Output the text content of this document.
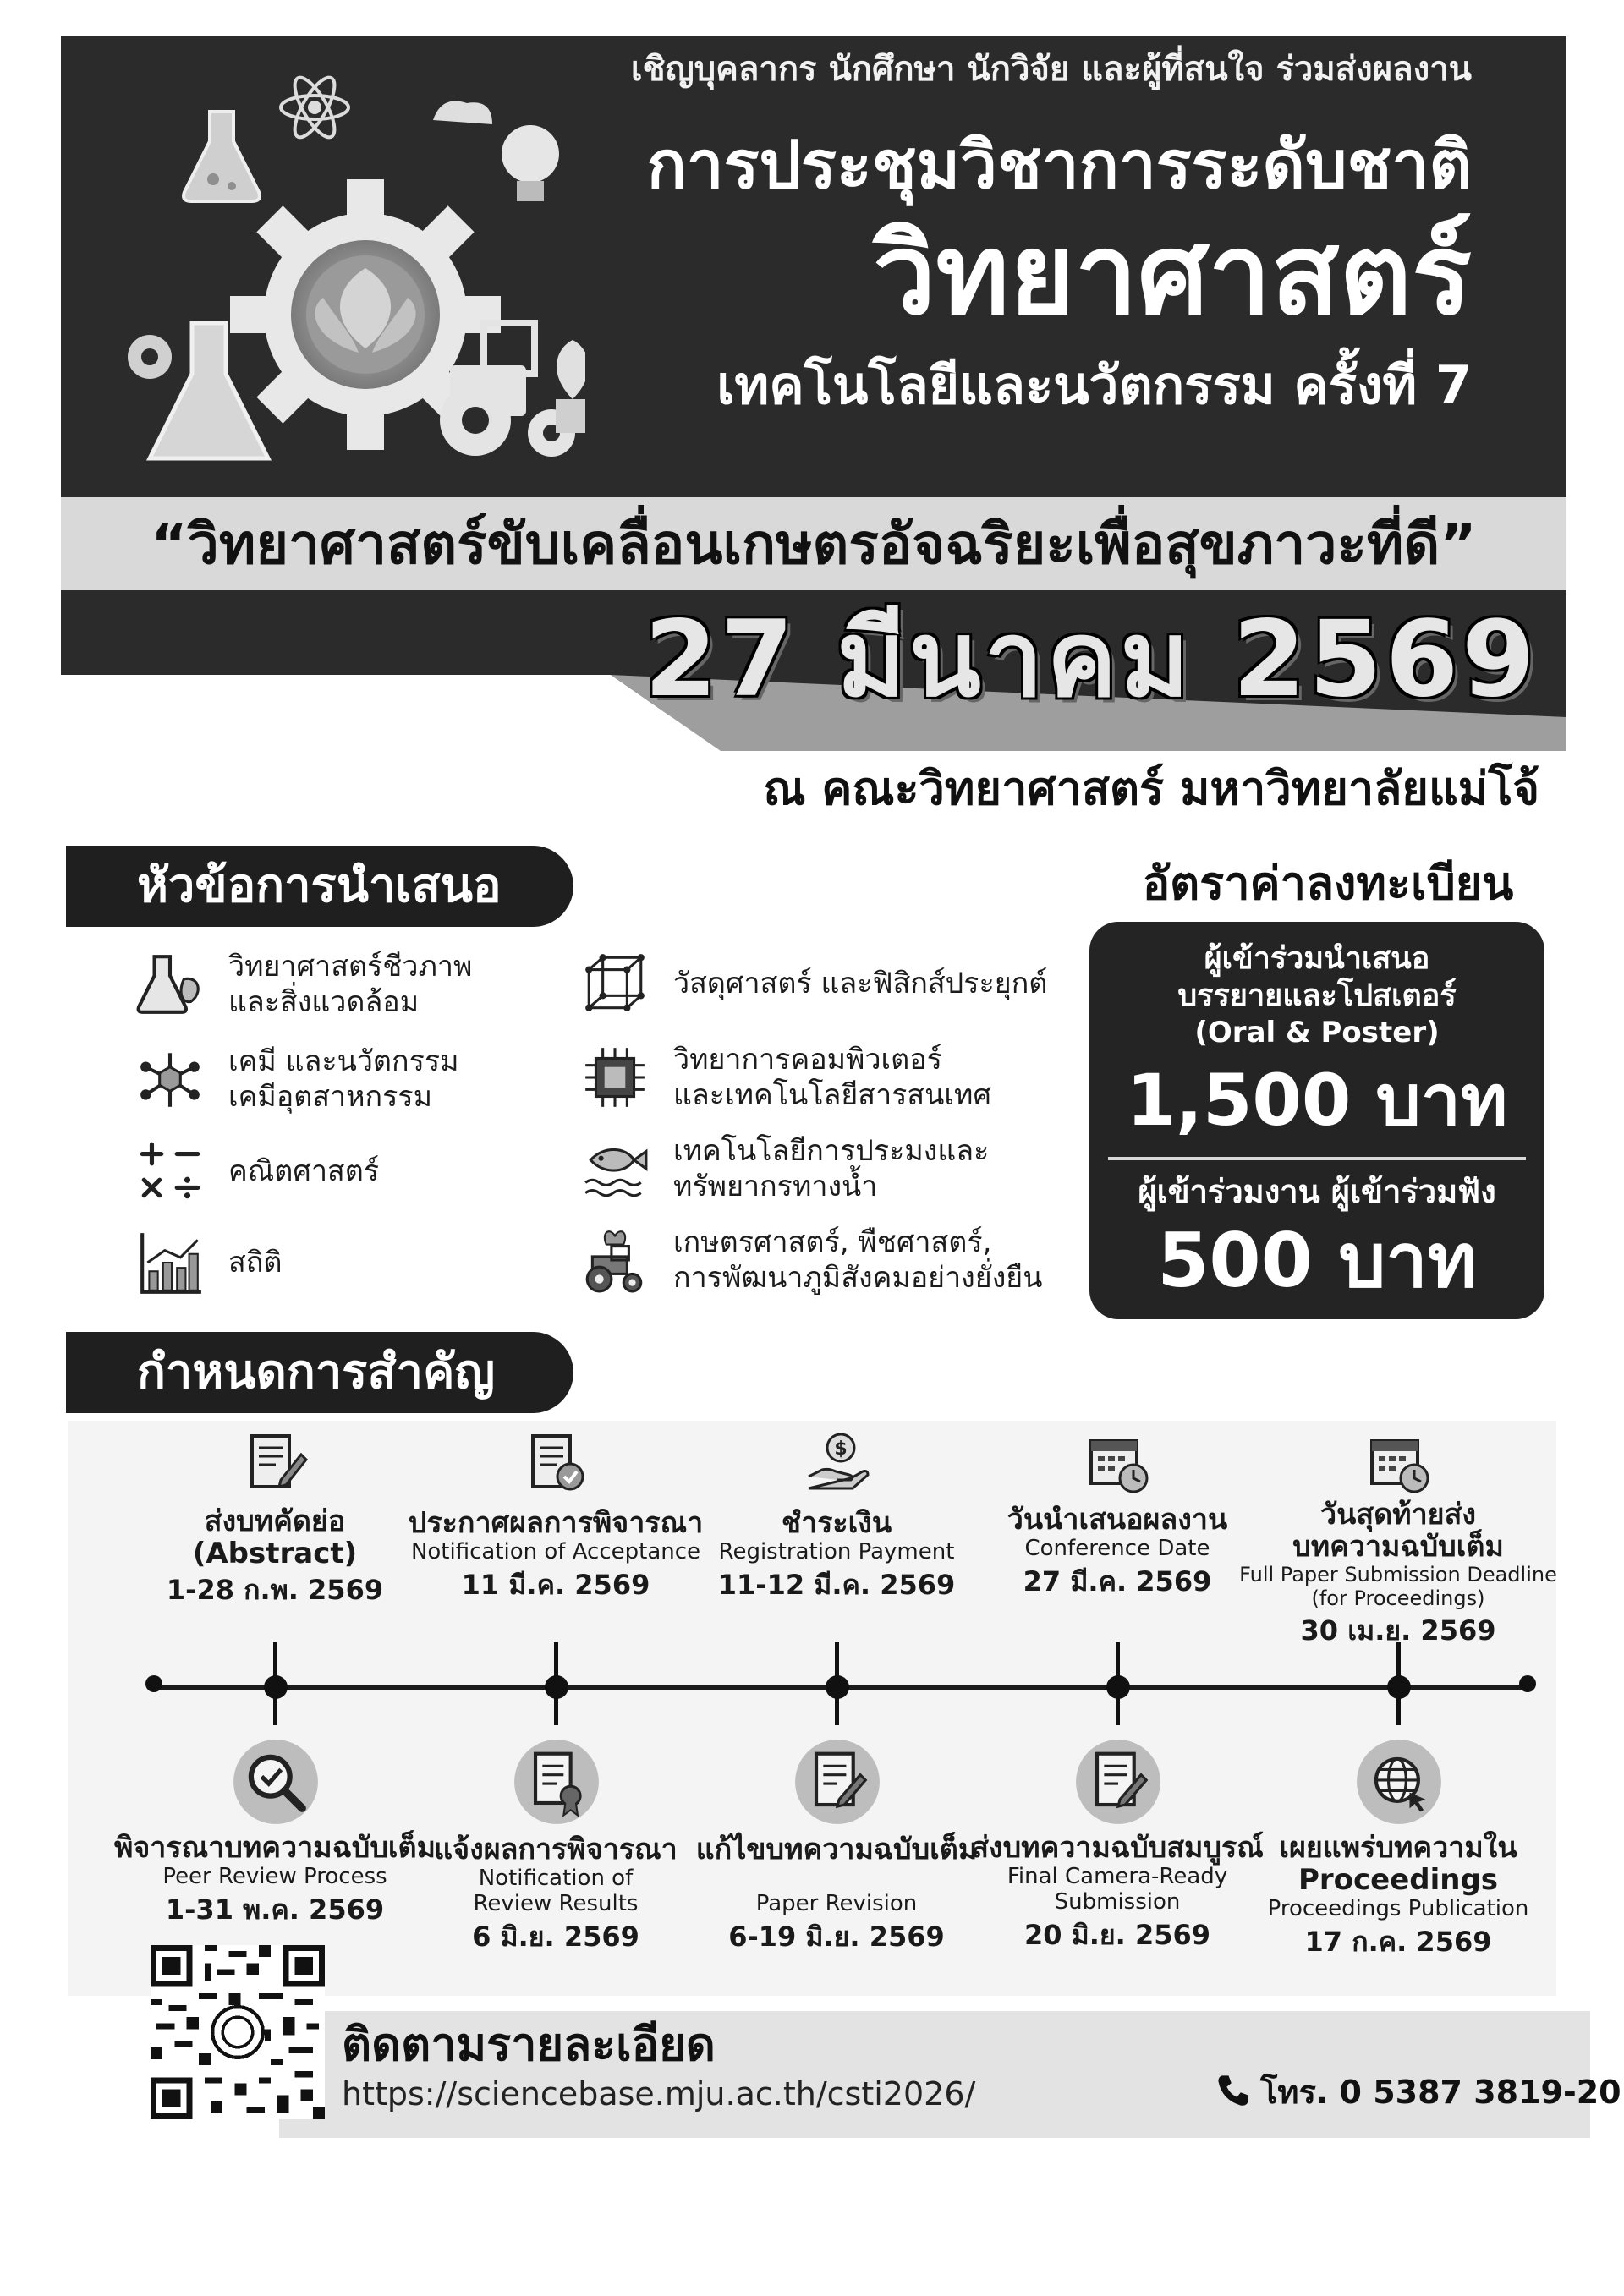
เชิญบุคลากร นักศึกษา นักวิจัย และผู้ที่สนใจ ร่วมส่งผลงาน
การประชุมวิชาการระดับชาติ
วิทยาศาสตร์
เทคโนโลยีและนวัตกรรม ครั้งที่ 7
“วิทยาศาสตร์ขับเคลื่อนเกษตรอัจฉริยะเพื่อสุขภาวะที่ดี”
27 มีนาคม 2569
ณ คณะวิทยาศาสตร์ มหาวิทยาลัยแม่โจ้
หัวข้อการนำเสนอ
วิทยาศาสตร์ชีวภาพ
และสิ่งแวดล้อม
เคมี และนวัตกรรม
เคมีอุตสาหกรรม
คณิตศาสตร์
สถิติ
วัสดุศาสตร์ และฟิสิกส์ประยุกต์
วิทยาการคอมพิวเตอร์
และเทคโนโลยีสารสนเทศ
เทคโนโลยีการประมงและ
ทรัพยากรทางน้ำ
เกษตรศาสตร์, พืชศาสตร์,
การพัฒนาภูมิสังคมอย่างยั่งยืน
อัตราค่าลงทะเบียน
ผู้เข้าร่วมนำเสนอ
บรรยายและโปสเตอร์
(Oral & Poster)
1,500 บาท
ผู้เข้าร่วมงาน ผู้เข้าร่วมฟัง
500 บาท
กำหนดการสำคัญ
$
ส่งบทคัดย่อ
(Abstract)
1-28 ก.พ. 2569
ประกาศผลการพิจารณา
Notification of Acceptance
11 มี.ค. 2569
ชำระเงิน
Registration Payment
11-12 มี.ค. 2569
วันนำเสนอผลงาน
Conference Date
27 มี.ค. 2569
วันสุดท้ายส่ง
บทความฉบับเต็ม
Full Paper Submission Deadline
(for Proceedings)
30 เม.ย. 2569
พิจารณาบทความฉบับเต็ม
Peer Review Process
1-31 พ.ค. 2569
แจ้งผลการพิจารณา
Notification of
Review Results
6 มิ.ย. 2569
แก้ไขบทความฉบับเต็ม
Paper Revision
6-19 มิ.ย. 2569
ส่งบทความฉบับสมบูรณ์
Final Camera-Ready
Submission
20 มิ.ย. 2569
เผยแพร่บทความใน
Proceedings
Proceedings Publication
17 ก.ค. 2569
ติดตามรายละเอียด
https://sciencebase.mju.ac.th/csti2026/	โทร. 0 5387 3819-20
